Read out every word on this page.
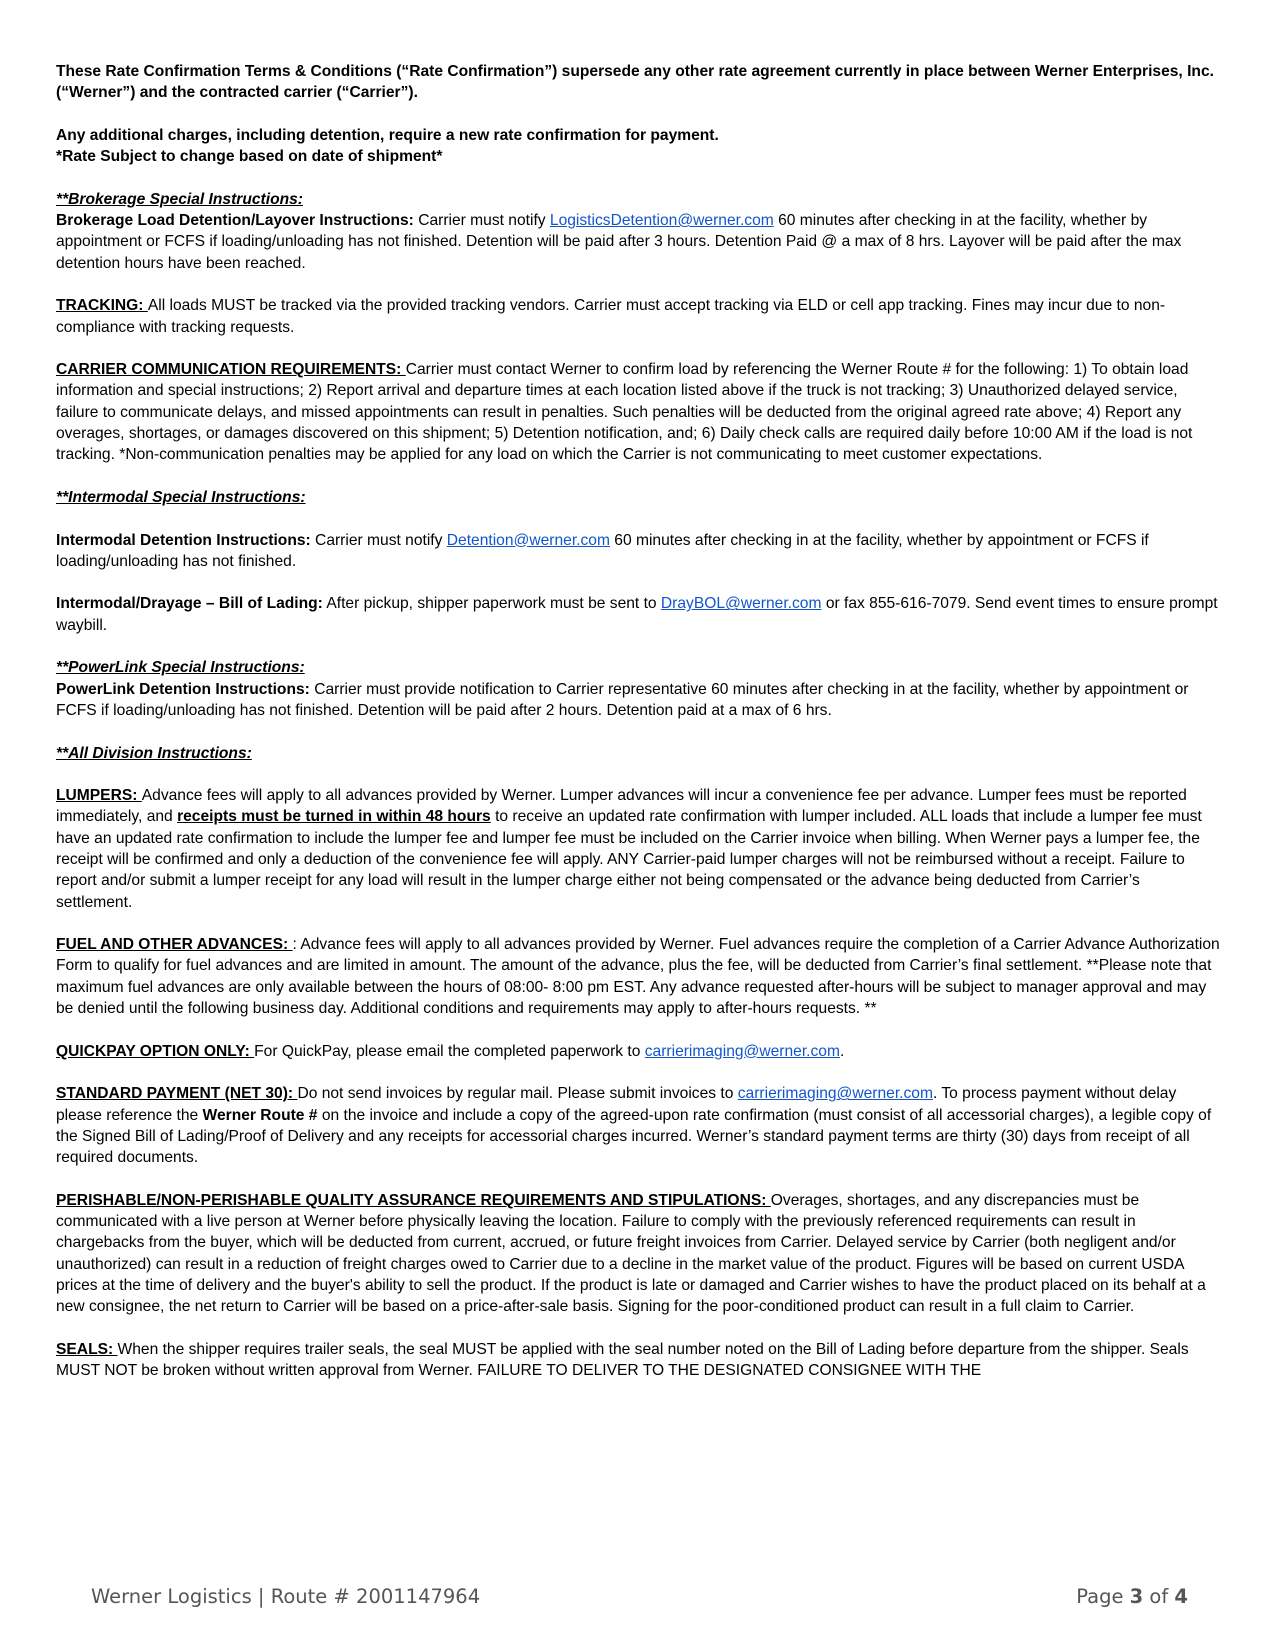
These Rate Confirmation Terms & Conditions (“Rate Confirmation”) supersede any other rate agreement currently in place between Werner Enterprises, Inc. (“Werner”) and the contracted carrier (“Carrier”).

Any additional charges, including detention, require a new rate confirmation for payment.

*Rate Subject to change based on date of shipment*

**Brokerage Special Instructions:

Brokerage Load Detention/Layover Instructions: Carrier must notify LogisticsDetention@werner.com 60 minutes after checking in at the facility, whether by appointment or FCFS if loading/unloading has not finished. Detention will be paid after 3 hours. Detention Paid @ a max of 8 hrs. Layover will be paid after the max detention hours have been reached.

TRACKING: All loads MUST be tracked via the provided tracking vendors. Carrier must accept tracking via ELD or cell app tracking. Fines may incur due to non-compliance with tracking requests.

CARRIER COMMUNICATION REQUIREMENTS: Carrier must contact Werner to confirm load by referencing the Werner Route # for the following: 1) To obtain load information and special instructions; 2) Report arrival and departure times at each location listed above if the truck is not tracking; 3) Unauthorized delayed service, failure to communicate delays, and missed appointments can result in penalties. Such penalties will be deducted from the original agreed rate above; 4) Report any overages, shortages, or damages discovered on this shipment; 5) Detention notification, and; 6) Daily check calls are required daily before 10:00 AM if the load is not tracking. *Non-communication penalties may be applied for any load on which the Carrier is not communicating to meet customer expectations.

**Intermodal Special Instructions:

Intermodal Detention Instructions: Carrier must notify Detention@werner.com 60 minutes after checking in at the facility, whether by appointment or FCFS if loading/unloading has not finished.

Intermodal/Drayage – Bill of Lading: After pickup, shipper paperwork must be sent to DrayBOL@werner.com or fax 855-616-7079. Send event times to ensure prompt waybill.

**PowerLink Special Instructions:

PowerLink Detention Instructions: Carrier must provide notification to Carrier representative 60 minutes after checking in at the facility, whether by appointment or FCFS if loading/unloading has not finished. Detention will be paid after 2 hours. Detention paid at a max of 6 hrs.

**All Division Instructions:

LUMPERS: Advance fees will apply to all advances provided by Werner. Lumper advances will incur a convenience fee per advance. Lumper fees must be reported immediately, and receipts must be turned in within 48 hours to receive an updated rate confirmation with lumper included. ALL loads that include a lumper fee must have an updated rate confirmation to include the lumper fee and lumper fee must be included on the Carrier invoice when billing. When Werner pays a lumper fee, the receipt will be confirmed and only a deduction of the convenience fee will apply. ANY Carrier-paid lumper charges will not be reimbursed without a receipt. Failure to report and/or submit a lumper receipt for any load will result in the lumper charge either not being compensated or the advance being deducted from Carrier’s settlement.

FUEL AND OTHER ADVANCES: : Advance fees will apply to all advances provided by Werner. Fuel advances require the completion of a Carrier Advance Authorization Form to qualify for fuel advances and are limited in amount. The amount of the advance, plus the fee, will be deducted from Carrier’s final settlement. **Please note that maximum fuel advances are only available between the hours of 08:00- 8:00 pm EST. Any advance requested after-hours will be subject to manager approval and may be denied until the following business day. Additional conditions and requirements may apply to after-hours requests. **

QUICKPAY OPTION ONLY: For QuickPay, please email the completed paperwork to carrierimaging@werner.com.

STANDARD PAYMENT (NET 30): Do not send invoices by regular mail. Please submit invoices to carrierimaging@werner.com. To process payment without delay please reference the Werner Route # on the invoice and include a copy of the agreed-upon rate confirmation (must consist of all accessorial charges), a legible copy of the Signed Bill of Lading/Proof of Delivery and any receipts for accessorial charges incurred. Werner’s standard payment terms are thirty (30) days from receipt of all required documents.

PERISHABLE/NON-PERISHABLE QUALITY ASSURANCE REQUIREMENTS AND STIPULATIONS: Overages, shortages, and any discrepancies must be communicated with a live person at Werner before physically leaving the location. Failure to comply with the previously referenced requirements can result in chargebacks from the buyer, which will be deducted from current, accrued, or future freight invoices from Carrier. Delayed service by Carrier (both negligent and/or unauthorized) can result in a reduction of freight charges owed to Carrier due to a decline in the market value of the product. Figures will be based on current USDA prices at the time of delivery and the buyer's ability to sell the product. If the product is late or damaged and Carrier wishes to have the product placed on its behalf at a new consignee, the net return to Carrier will be based on a price-after-sale basis. Signing for the poor-conditioned product can result in a full claim to Carrier.

SEALS: When the shipper requires trailer seals, the seal MUST be applied with the seal number noted on the Bill of Lading before departure from the shipper. Seals MUST NOT be broken without written approval from Werner. FAILURE TO DELIVER TO THE DESIGNATED CONSIGNEE WITH THE

Werner Logistics | Route # 2001147964	Page 3 of 4
